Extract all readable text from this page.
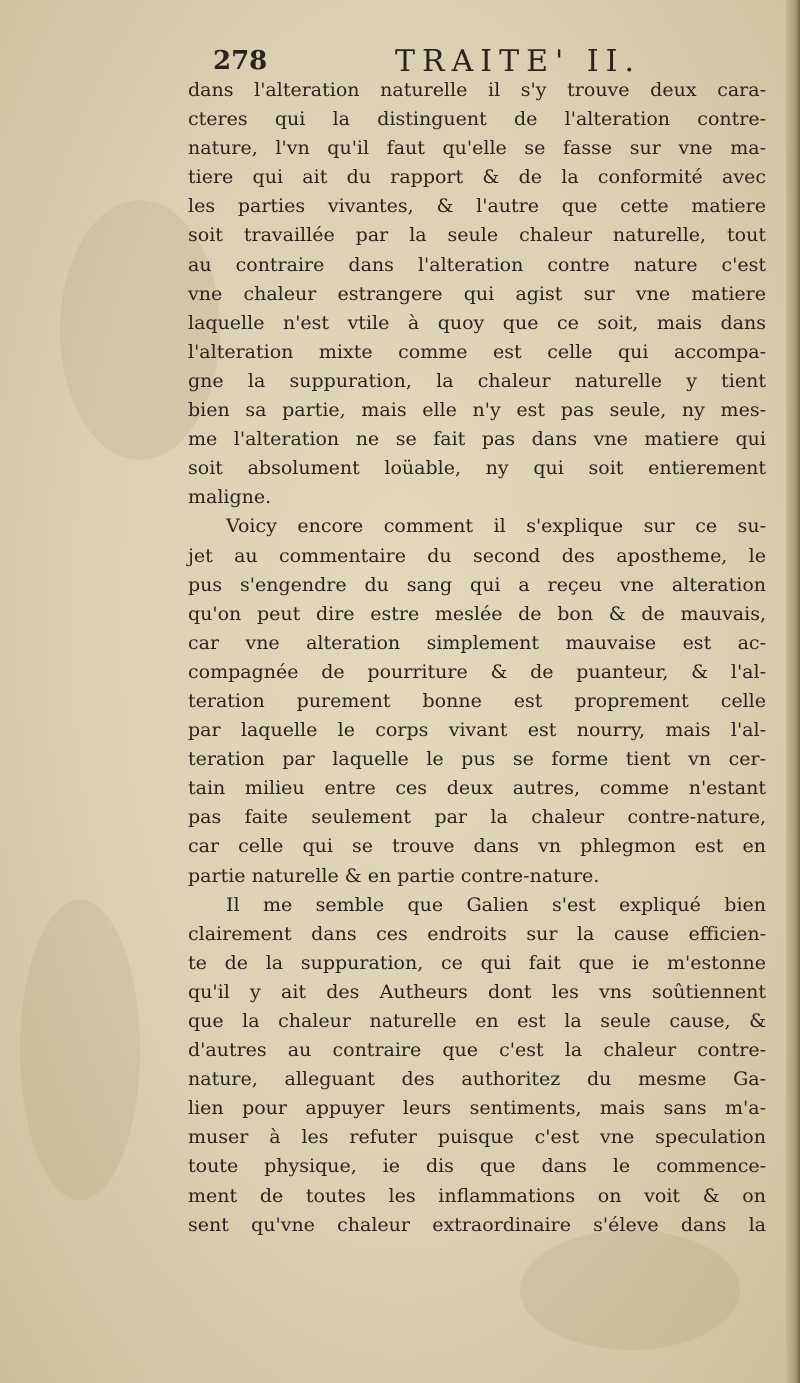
278	TRAITE' II.
dans l'alteration naturelle il s'y trouve deux cara-
cteres qui la distinguent de l'alteration contre-
nature, l'vn qu'il faut qu'elle se fasse sur vne ma-
tiere qui ait du rapport & de la conformité avec
les parties vivantes, & l'autre que cette matiere
soit travaillée par la seule chaleur naturelle, tout
au contraire dans l'alteration contre nature c'est
vne chaleur estrangere qui agist sur vne matiere
laquelle n'est vtile à quoy que ce soit, mais dans
l'alteration mixte comme est celle qui accompa-
gne la suppuration, la chaleur naturelle y tient
bien sa partie, mais elle n'y est pas seule, ny mes-
me l'alteration ne se fait pas dans vne matiere qui
soit absolument loüable, ny qui soit entierement
maligne.
Voicy encore comment il s'explique sur ce su-
jet au commentaire du second des apostheme, le
pus s'engendre du sang qui a reçeu vne alteration
qu'on peut dire estre meslée de bon & de mauvais,
car vne alteration simplement mauvaise est ac-
compagnée de pourriture & de puanteur, & l'al-
teration purement bonne est proprement celle
par laquelle le corps vivant est nourry, mais l'al-
teration par laquelle le pus se forme tient vn cer-
tain milieu entre ces deux autres, comme n'estant
pas faite seulement par la chaleur contre-nature,
car celle qui se trouve dans vn phlegmon est en
partie naturelle & en partie contre-nature.
Il me semble que Galien s'est expliqué bien
clairement dans ces endroits sur la cause efficien-
te de la suppuration, ce qui fait que ie m'estonne
qu'il y ait des Autheurs dont les vns soûtiennent
que la chaleur naturelle en est la seule cause, &
d'autres au contraire que c'est la chaleur contre-
nature, alleguant des authoritez du mesme Ga-
lien pour appuyer leurs sentiments, mais sans m'a-
muser à les refuter puisque c'est vne speculation
toute physique, ie dis que dans le commence-
ment de toutes les inflammations on voit & on
sent qu'vne chaleur extraordinaire s'éleve dans la
